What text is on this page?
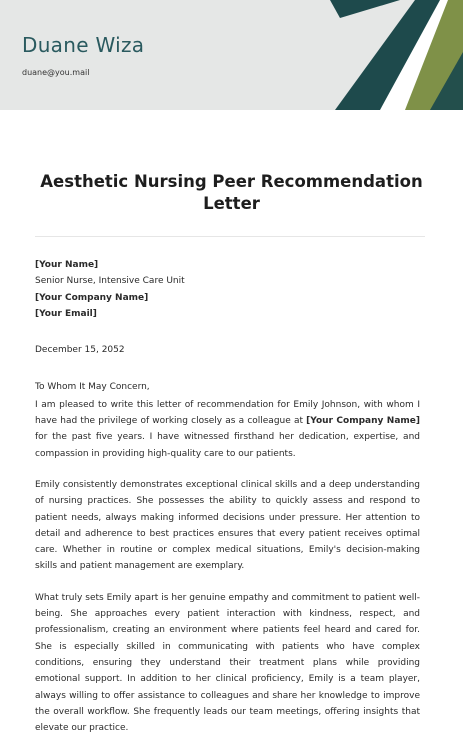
Duane Wiza
duane@you.mail
Aesthetic Nursing Peer Recommendation Letter

[Your Name]

Senior Nurse, Intensive Care Unit

[Your Company Name]

[Your Email]

December 15, 2052

To Whom It May Concern,

I am pleased to write this letter of recommendation for Emily Johnson, with whom I have had the privilege of working closely as a colleague at [Your Company Name] for the past five years. I have witnessed firsthand her dedication, expertise, and compassion in providing high-quality care to our patients.

Emily consistently demonstrates exceptional clinical skills and a deep understanding of nursing practices. She possesses the ability to quickly assess and respond to patient needs, always making informed decisions under pressure. Her attention to detail and adherence to best practices ensures that every patient receives optimal care. Whether in routine or complex medical situations, Emily's decision-making skills and patient management are exemplary.

What truly sets Emily apart is her genuine empathy and commitment to patient well-being. She approaches every patient interaction with kindness, respect, and professionalism, creating an environment where patients feel heard and cared for. She is especially skilled in communicating with patients who have complex conditions, ensuring they understand their treatment plans while providing emotional support. In addition to her clinical proficiency, Emily is a team player, always willing to offer assistance to colleagues and share her knowledge to improve the overall workflow. She frequently leads our team meetings, offering insights that elevate our practice.
